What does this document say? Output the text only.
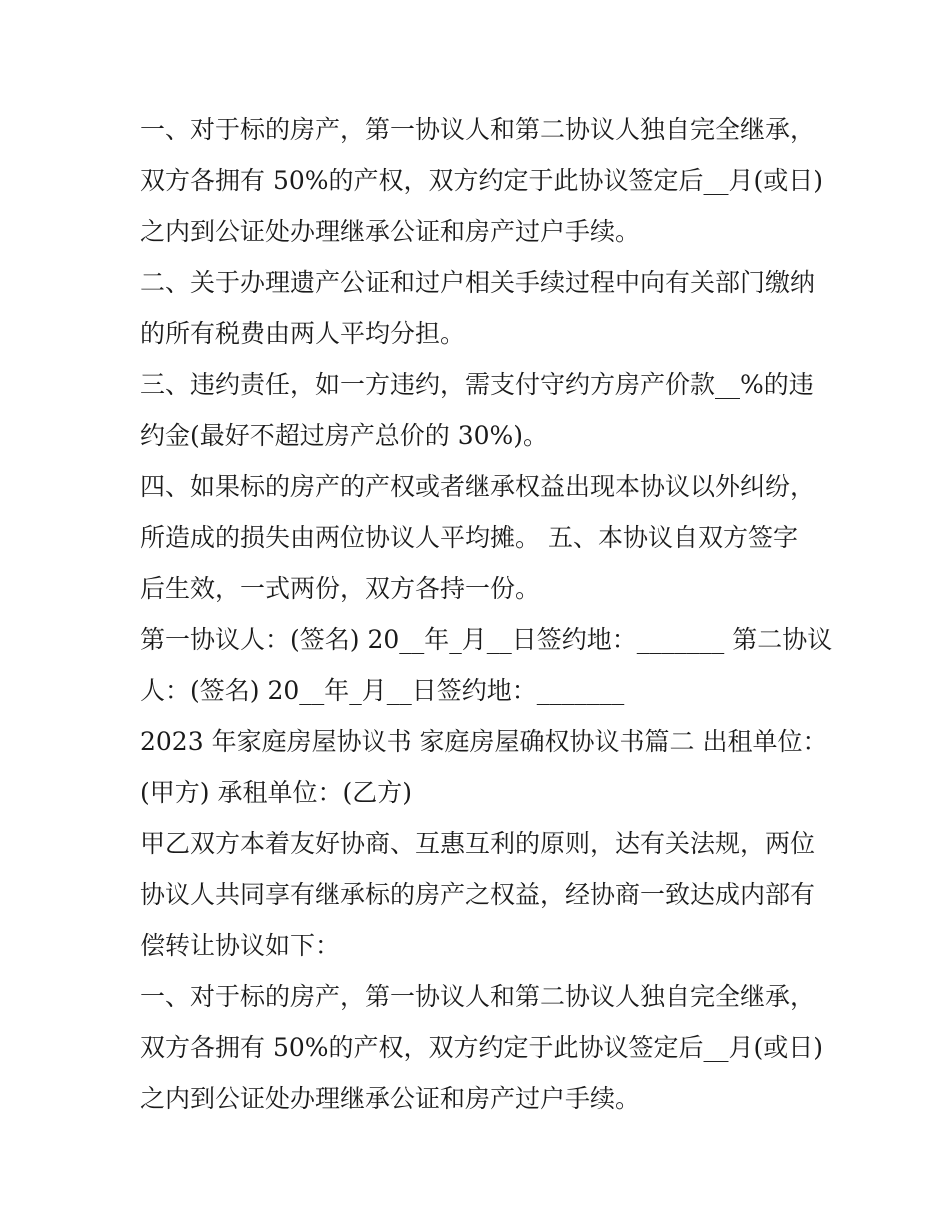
一、对于标的房产，第一协议人和第二协议人独自完全继承，
双方各拥有 50%的产权，双方约定于此协议签定后__月(或日)
之内到公证处办理继承公证和房产过户手续。
二、关于办理遗产公证和过户相关手续过程中向有关部门缴纳
的所有税费由两人平均分担。
三、违约责任，如一方违约，需支付守约方房产价款__%的违
约金(最好不超过房产总价的 30%)。
四、如果标的房产的产权或者继承权益出现本协议以外纠纷，
所造成的损失由两位协议人平均摊。 五、本协议自双方签字
后生效，一式两份，双方各持一份。
第一协议人：(签名) 20__年_月__日签约地：_______ 第二协议
人：(签名) 20__年_月__日签约地：_______
2023 年家庭房屋协议书 家庭房屋确权协议书篇二 出租单位：
(甲方) 承租单位：(乙方)
甲乙双方本着友好协商、互惠互利的原则，达有关法规，两位
协议人共同享有继承标的房产之权益，经协商一致达成内部有
偿转让协议如下：
一、对于标的房产，第一协议人和第二协议人独自完全继承，
双方各拥有 50%的产权，双方约定于此协议签定后__月(或日)
之内到公证处办理继承公证和房产过户手续。
